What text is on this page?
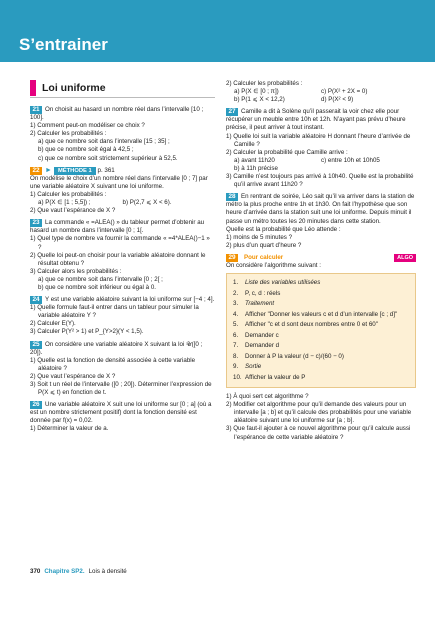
S’entrainer
Loi uniforme

21 On choisit au hasard un nombre réel dans l’intervalle [10 ; 100].

1) Comment peut-on modéliser ce choix ?

2) Calculer les probabilités :

a) que ce nombre soit dans l’intervalle [15 ; 35] ;

b) que ce nombre soit égal à 42,5 ;

c) que ce nombre soit strictement supérieur à 52,5.

22 ► MÉTHODE 1 p. 361

On modélise le choix d’un nombre réel dans l’intervalle [0 ; 7] par une variable aléatoire X suivant une loi uniforme.

1) Calculer les probabilités :

a) P(X ∈ [1 ; 5,5]) ;	b) P(2,7 ⩽ X < 6).

2) Que vaut l’espérance de X ?

23 La commande « =ALEA() » du tableur permet d’obtenir au hasard un nombre dans l’intervalle [0 ; 1[.

1) Quel type de nombre va fournir la commande « =4*ALEA()−1 » ?

2) Quelle loi peut-on choisir pour la variable aléatoire donnant le résultat obtenu ?

3) Calculer alors les probabilités :

a) que ce nombre soit dans l’intervalle [0 ; 2[ ;

b) que ce nombre soit inférieur ou égal à 0.

24 Y est une variable aléatoire suivant la loi uniforme sur [−4 ; 4].

1) Quelle formule faut-il entrer dans un tableur pour simuler la variable aléatoire Y ?

2) Calculer E(Y).

3) Calculer P(Y² > 1) et P_{Y>2}(Y < 1,5).

25 On considère une variable aléatoire X suivant la loi 𝒰([0 ; 20]).

1) Quelle est la fonction de densité associée à cette variable aléatoire ?

2) Que vaut l’espérance de X ?

3) Soit t un réel de l’intervalle ([0 ; 20]). Déterminer l’expression de P(X ⩽ t) en fonction de t.

26 Une variable aléatoire X suit une loi uniforme sur [0 ; a] (où a est un nombre strictement positif) dont la fonction densité est donnée par f(x) = 0,02.

1) Déterminer la valeur de a.

2) Calculer les probabilités :

a) P(X ∈ [0 ; π])	c) P(X² + 2X = 0)
b) P(1 ⩽ X < 12,2)	d) P(X² < 9)

27 Camille a dit à Solène qu’il passerait la voir chez elle pour récupérer un meuble entre 10h et 12h. N’ayant pas prévu d’heure précise, il peut arriver à tout instant.

1) Quelle loi suit la variable aléatoire H donnant l’heure d’arrivée de Camille ?

2) Calculer la probabilité que Camille arrive :

a) avant 11h20	c) entre 10h et 10h05

b) à 11h précise

3) Camille n’est toujours pas arrivé à 10h40. Quelle est la probabilité qu’il arrive avant 11h20 ?

28 En rentrant de soirée, Léo sait qu’il va arriver dans la station de métro la plus proche entre 1h et 1h30. On fait l’hypothèse que son heure d’arrivée dans la station suit une loi uniforme. Depuis minuit il passe un métro toutes les 20 minutes dans cette station.

Quelle est la probabilité que Léo attende :

1) moins de 5 minutes ?

2) plus d’un quart d’heure ?

29 Pour calculer	ALGO

On considère l’algorithme suivant :

1. Liste des variables utilisées
2. P, c, d : réels
3. Traitement
4. Afficher "Donner les valeurs c et d d’un intervalle [c ; d]"
5. Afficher "c et d sont deux nombres entre 0 et 60"
6. Demander c
7. Demander d
8. Donner à P la valeur (d − c)/(60 − 0)
9. Sortie
10. Afficher la valeur de P

1) À quoi sert cet algorithme ?

2) Modifier cet algorithme pour qu’il demande des valeurs pour un intervalle [a ; b] et qu’il calcule des probabilités pour une variable aléatoire suivant une loi uniforme sur [a ; b].

3) Que faut-il ajouter à ce nouvel algorithme pour qu’il calcule aussi l’espérance de cette variable aléatoire ?

370 Chapitre SP2. Lois à densité
